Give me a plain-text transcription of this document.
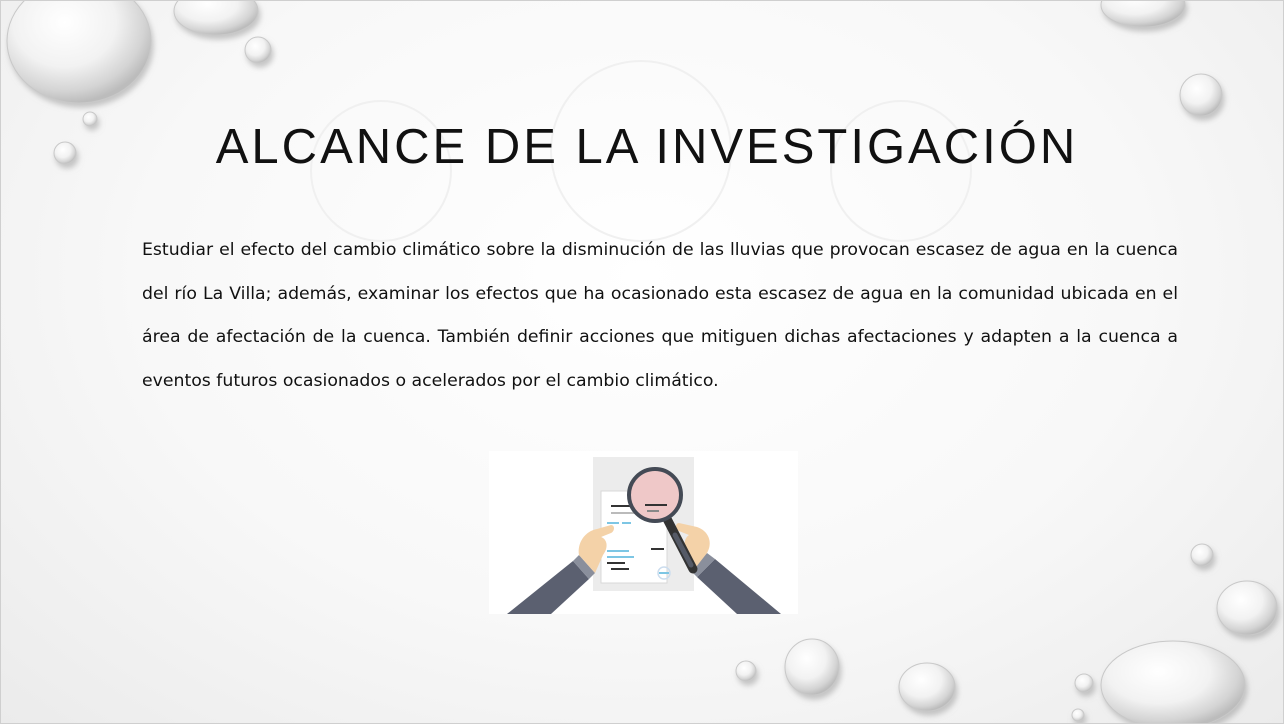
ALCANCE DE LA INVESTIGACIÓN

Estudiar el efecto del cambio climático sobre la disminución de las lluvias que provocan escasez de agua en la cuenca del río La Villa; además, examinar los efectos que ha ocasionado esta escasez de agua en la comunidad ubicada en el área de afectación de la cuenca. También definir acciones que mitiguen dichas afectaciones y adapten a la cuenca a eventos futuros ocasionados o acelerados por el cambio climático.
